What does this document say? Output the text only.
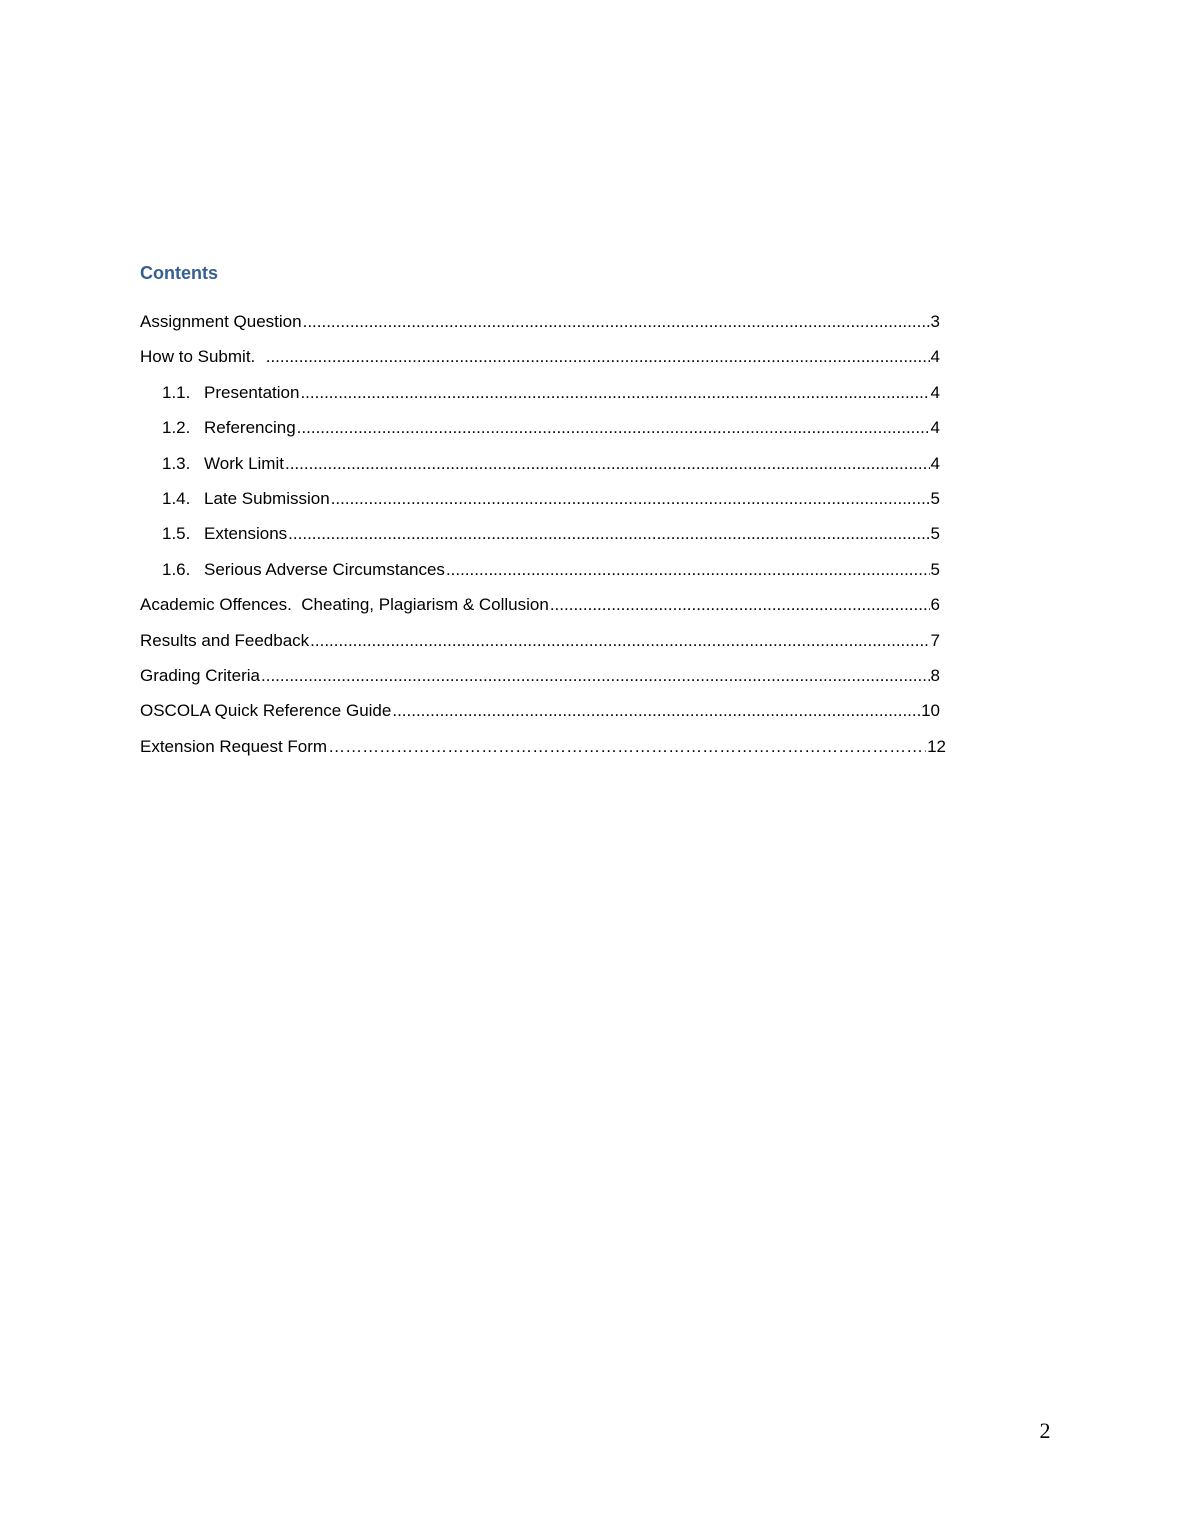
Contents
Assignment Question .....	3
How to Submit. .....	4
1.1. Presentation .....	4
1.2. Referencing .....	4
1.3. Work Limit .....	4
1.4. Late Submission .....	5
1.5. Extensions .....	5
1.6. Serious Adverse Circumstances .....	5
Academic Offences.  Cheating, Plagiarism & Collusion .....	6
Results and Feedback .....	7
Grading Criteria .....	8
OSCOLA Quick Reference Guide .....	10
Extension Request Form ……………………………………………………………………………………………………………………………………………………………………………………………………………………………	12
2
